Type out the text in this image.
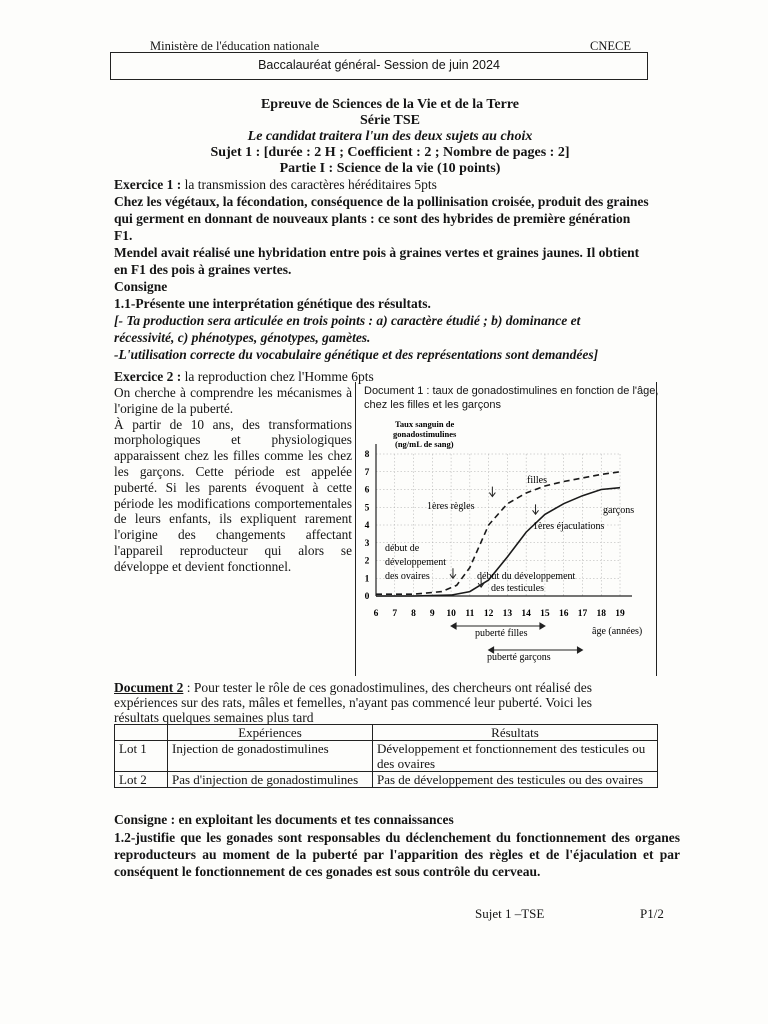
Ministère de l'éducation nationale	CNECE
Baccalauréat général- Session de juin 2024
Epreuve de Sciences de la Vie et de la Terre
Série TSE
Le candidat traitera l'un des deux sujets au choix
Sujet 1 : [durée : 2 H ; Coefficient : 2 ; Nombre de pages : 2]
Partie I : Science de la vie (10 points)

Exercice 1 : la transmission des caractères héréditaires 5pts

Chez les végétaux, la fécondation, conséquence de la pollinisation croisée, produit des graines

qui germent en donnant de nouveaux plants : ce sont des hybrides de première génération

F1.

Mendel avait réalisé une hybridation entre pois à graines vertes et graines jaunes. Il obtient

en F1 des pois à graines vertes.

Consigne

1.1-Présente une interprétation génétique des résultats.

[- Ta production sera articulée en trois points : a) caractère étudié ; b) dominance et

récessivité, c) phénotypes, génotypes, gamètes.

-L'utilisation correcte du vocabulaire génétique et des représentations sont demandées]

Exercice 2 : la reproduction chez l'Homme 6pts

On cherche à comprendre les mécanismes à l'origine de la puberté.

À partir de 10 ans, des transformations morphologiques et physiologiques apparaissent chez les filles comme les chez les garçons. Cette période est appelée puberté. Si les parents évoquent à cette période les modifications comportementales de leurs enfants, ils expliquent rarement l'origine des changements affectant l'appareil reproducteur qui alors se développe et devient fonctionnel.

Document 1 : taux de gonadostimulines en fonction de l'âge,
chez les filles et les garçons
6 7 8 9 10 11 12 13 14 15 16 17 18 19
0
1
2
3
4
5
6
7
8
Taux sanguin de
gonadostimulines
(ng/mL de sang)
filles
garçons
1ères règles
1ères éjaculations
début de
développement
des ovaires	début du développement
des testicules
âge (années)
puberté filles
puberté garçons

Document 2 : Pour tester le rôle de ces gonadostimulines, des chercheurs ont réalisé des

expériences sur des rats, mâles et femelles, n'ayant pas commencé leur puberté. Voici les

résultats quelques semaines plus tard

	Expériences	Résultats
Lot 1	Injection de gonadostimulines	Développement et fonctionnement des testicules ou des ovaires
Lot 2	Pas d'injection de gonadostimulines	Pas de développement des testicules ou des ovaires

Consigne : en exploitant les documents et tes connaissances

1.2-justifie que les gonades sont responsables du déclenchement du fonctionnement des organes reproducteurs au moment de la puberté par l'apparition des règles et de l'éjaculation et par conséquent le fonctionnement de ces gonades est sous contrôle du cerveau.
Sujet 1 –TSE	P1/2
